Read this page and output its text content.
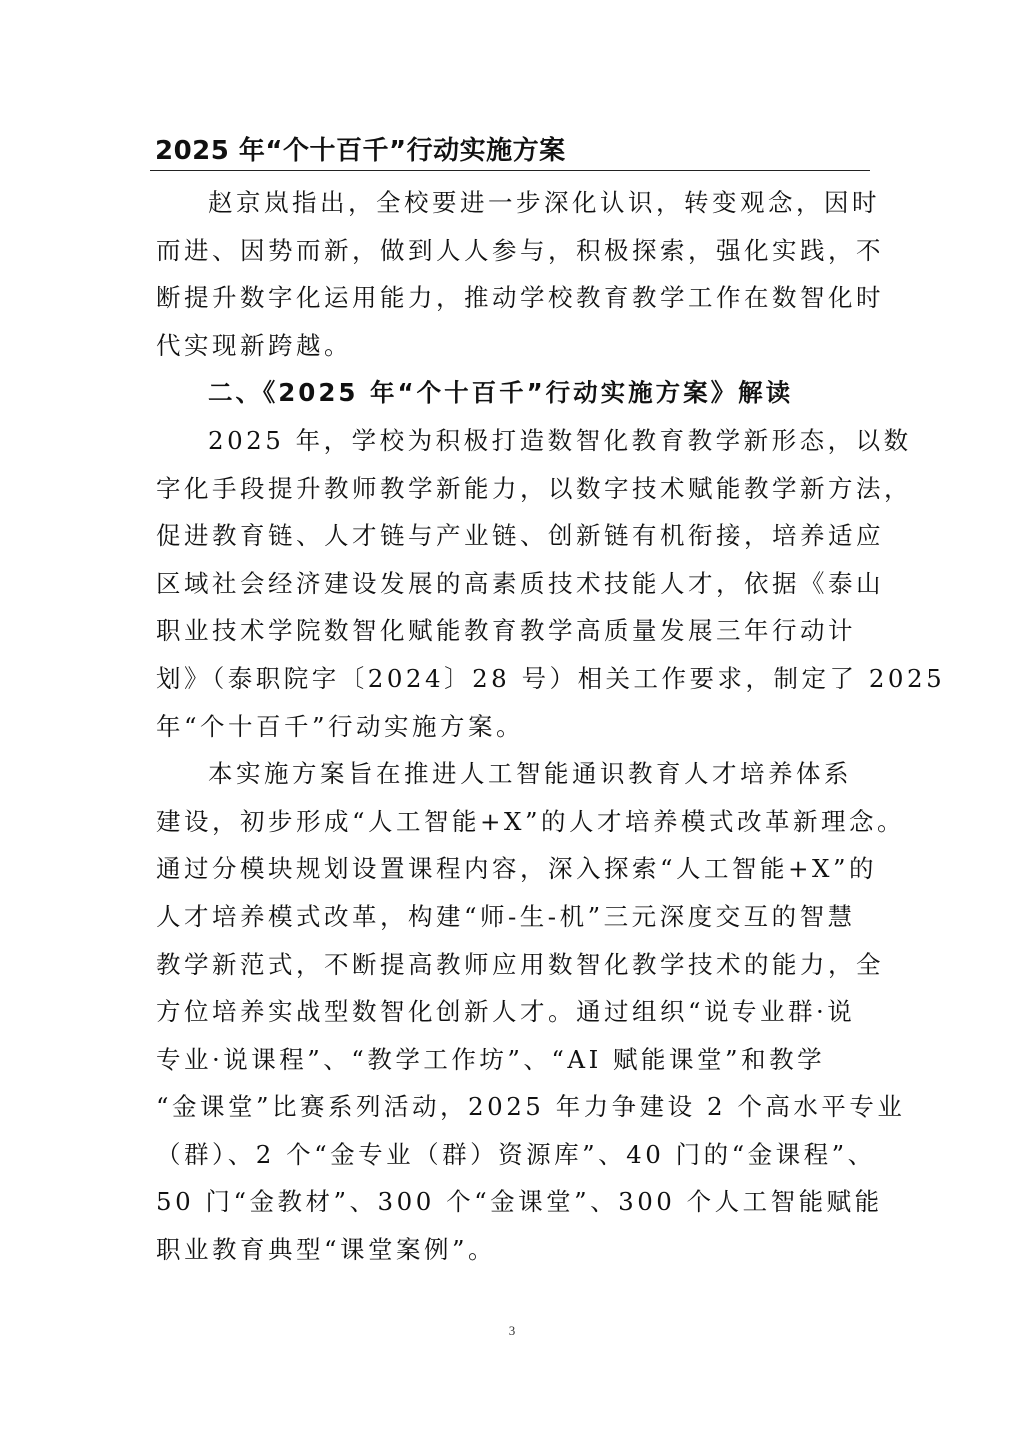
2025 年“个十百千”行动实施方案
赵京岚指出，全校要进一步深化认识，转变观念，因时
而进、因势而新，做到人人参与，积极探索，强化实践，不
断提升数字化运用能力，推动学校教育教学工作在数智化时
代实现新跨越。
二、《2025 年“个十百千”行动实施方案》解读
2025 年，学校为积极打造数智化教育教学新形态，以数
字化手段提升教师教学新能力，以数字技术赋能教学新方法，
促进教育链、人才链与产业链、创新链有机衔接，培养适应
区域社会经济建设发展的高素质技术技能人才，依据《泰山
职业技术学院数智化赋能教育教学高质量发展三年行动计
划》（泰职院字〔2024〕28 号）相关工作要求，制定了 2025
年“个十百千”行动实施方案。
本实施方案旨在推进人工智能通识教育人才培养体系
建设，初步形成“人工智能+X”的人才培养模式改革新理念。
通过分模块规划设置课程内容，深入探索“人工智能+X”的
人才培养模式改革，构建“师-生-机”三元深度交互的智慧
教学新范式，不断提高教师应用数智化教学技术的能力，全
方位培养实战型数智化创新人才。通过组织“说专业群·说
专业·说课程”、“教学工作坊”、“AI 赋能课堂”和教学
“金课堂”比赛系列活动，2025 年力争建设 2 个高水平专业
（群）、2 个“金专业（群）资源库”、40 门的“金课程”、
50 门“金教材”、300 个“金课堂”、300 个人工智能赋能
职业教育典型“课堂案例”。
3
